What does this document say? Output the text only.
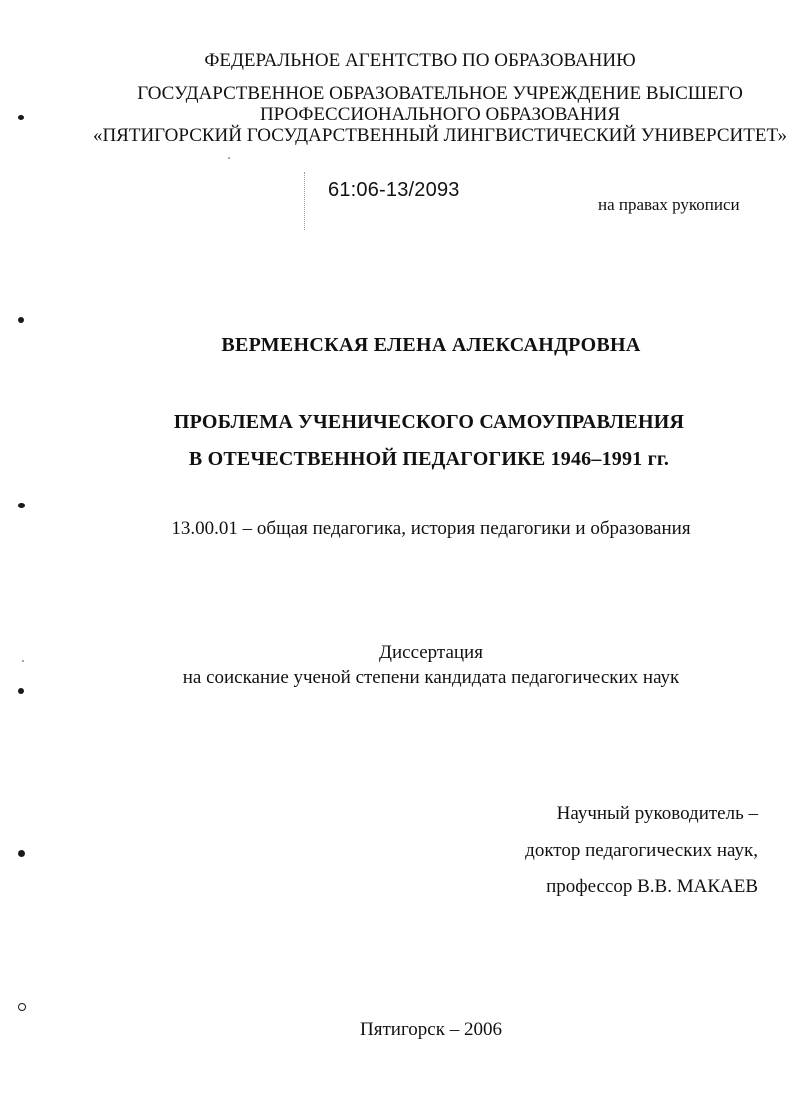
ФЕДЕРАЛЬНОЕ АГЕНТСТВО ПО ОБРАЗОВАНИЮ
ГОСУДАРСТВЕННОЕ ОБРАЗОВАТЕЛЬНОЕ УЧРЕЖДЕНИЕ ВЫСШЕГО
ПРОФЕССИОНАЛЬНОГО ОБРАЗОВАНИЯ
«ПЯТИГОРСКИЙ ГОСУДАРСТВЕННЫЙ ЛИНГВИСТИЧЕСКИЙ УНИВЕРСИТЕТ»
61:06-13/2093
на правах рукописи
ВЕРМЕНСКАЯ ЕЛЕНА АЛЕКСАНДРОВНА
ПРОБЛЕМА УЧЕНИЧЕСКОГО САМОУПРАВЛЕНИЯ
В ОТЕЧЕСТВЕННОЙ ПЕДАГОГИКЕ 1946–1991 гг.
13.00.01 – общая педагогика, история педагогики и образования
Диссертация
на соискание ученой степени кандидата педагогических наук
Научный руководитель –
доктор педагогических наук,
профессор В.В. МАКАЕВ
Пятигорск – 2006
